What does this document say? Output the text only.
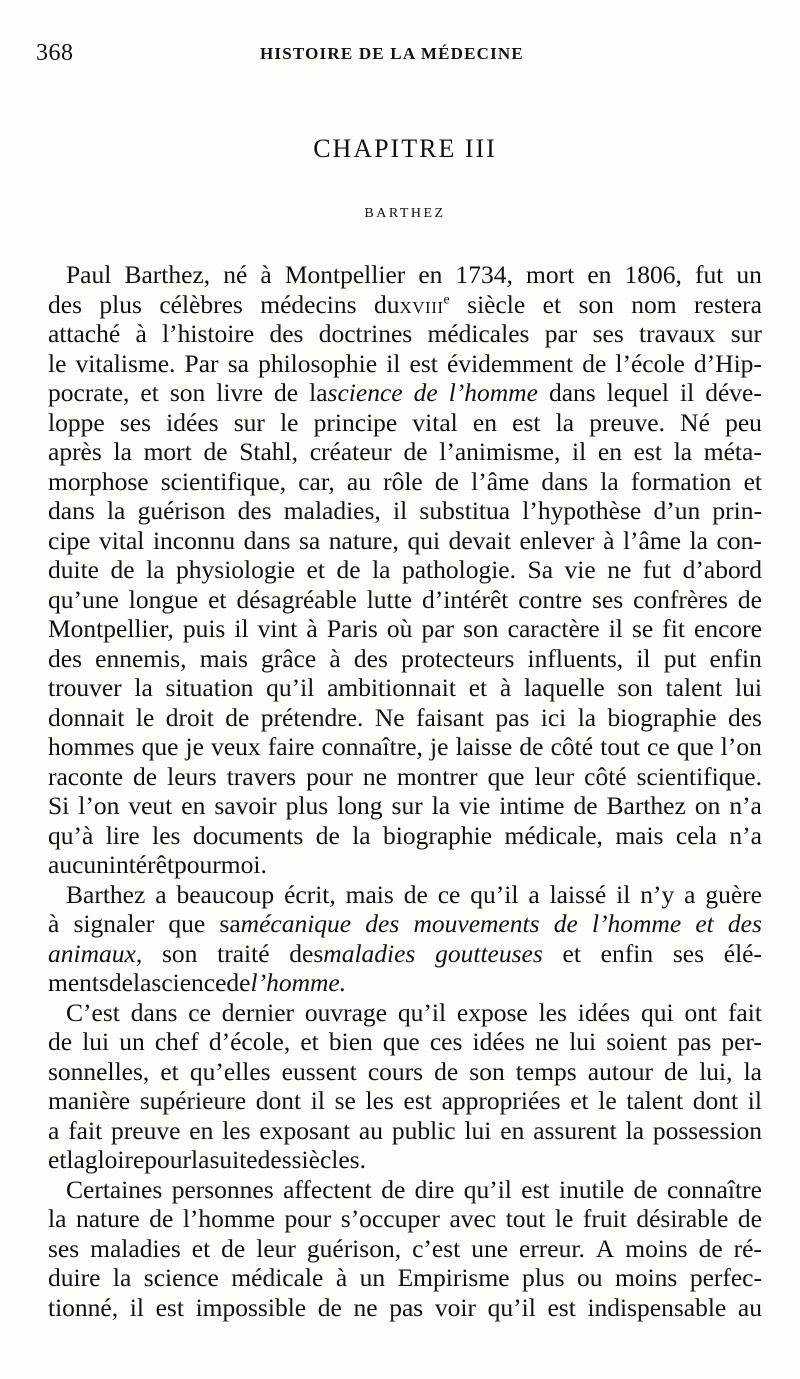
368	HISTOIRE DE LA MÉDECINE
CHAPITRE III
BARTHEZ
Paul Barthez, né à Montpellier en 1734, mort en 1806, fut un
des plus célèbres médecins duXVIII$^e$ siècle et son nom restera
attaché à l’histoire des doctrines médicales par ses travaux sur
le vitalisme. Par sa philosophie il est évidemment de l’école d’Hip-
pocrate, et son livre de lascience de l’homme dans lequel il déve-
loppe ses idées sur le principe vital en est la preuve. Né peu
après la mort de Stahl, créateur de l’animisme, il en est la méta-
morphose scientifique, car, au rôle de l’âme dans la formation et
dans la guérison des maladies, il substitua l’hypothèse d’un prin-
cipe vital inconnu dans sa nature, qui devait enlever à l’âme la con-
duite de la physiologie et de la pathologie. Sa vie ne fut d’abord
qu’une longue et désagréable lutte d’intérêt contre ses confrères de
Montpellier, puis il vint à Paris où par son caractère il se fit encore
des ennemis, mais grâce à des protecteurs influents, il put enfin
trouver la situation qu’il ambitionnait et à laquelle son talent lui
donnait le droit de prétendre. Ne faisant pas ici la biographie des
hommes que je veux faire connaître, je laisse de côté tout ce que l’on
raconte de leurs travers pour ne montrer que leur côté scientifique.
Si l’on veut en savoir plus long sur la vie intime de Barthez on n’a
qu’à lire les documents de la biographie médicale, mais cela n’a
aucun intérêt pour moi.
Barthez a beaucoup écrit, mais de ce qu’il a laissé il n’y a guère
à signaler que samécanique des mouvements de l’homme et des
animaux, son traité desmaladies goutteuses et enfin ses élé-
mentsde la science de l’homme.
C’est dans ce dernier ouvrage qu’il expose les idées qui ont fait
de lui un chef d’école, et bien que ces idées ne lui soient pas per-
sonnelles, et qu’elles eussent cours de son temps autour de lui, la
manière supérieure dont il se les est appropriées et le talent dont il
a fait preuve en les exposant au public lui en assurent la possession
et la gloire pour la suite des siècles.
Certaines personnes affectent de dire qu’il est inutile de connaître
la nature de l’homme pour s’occuper avec tout le fruit désirable de
ses maladies et de leur guérison, c’est une erreur. A moins de ré-
duire la science médicale à un Empirisme plus ou moins perfec-
tionné, il est impossible de ne pas voir qu’il est indispensable au
